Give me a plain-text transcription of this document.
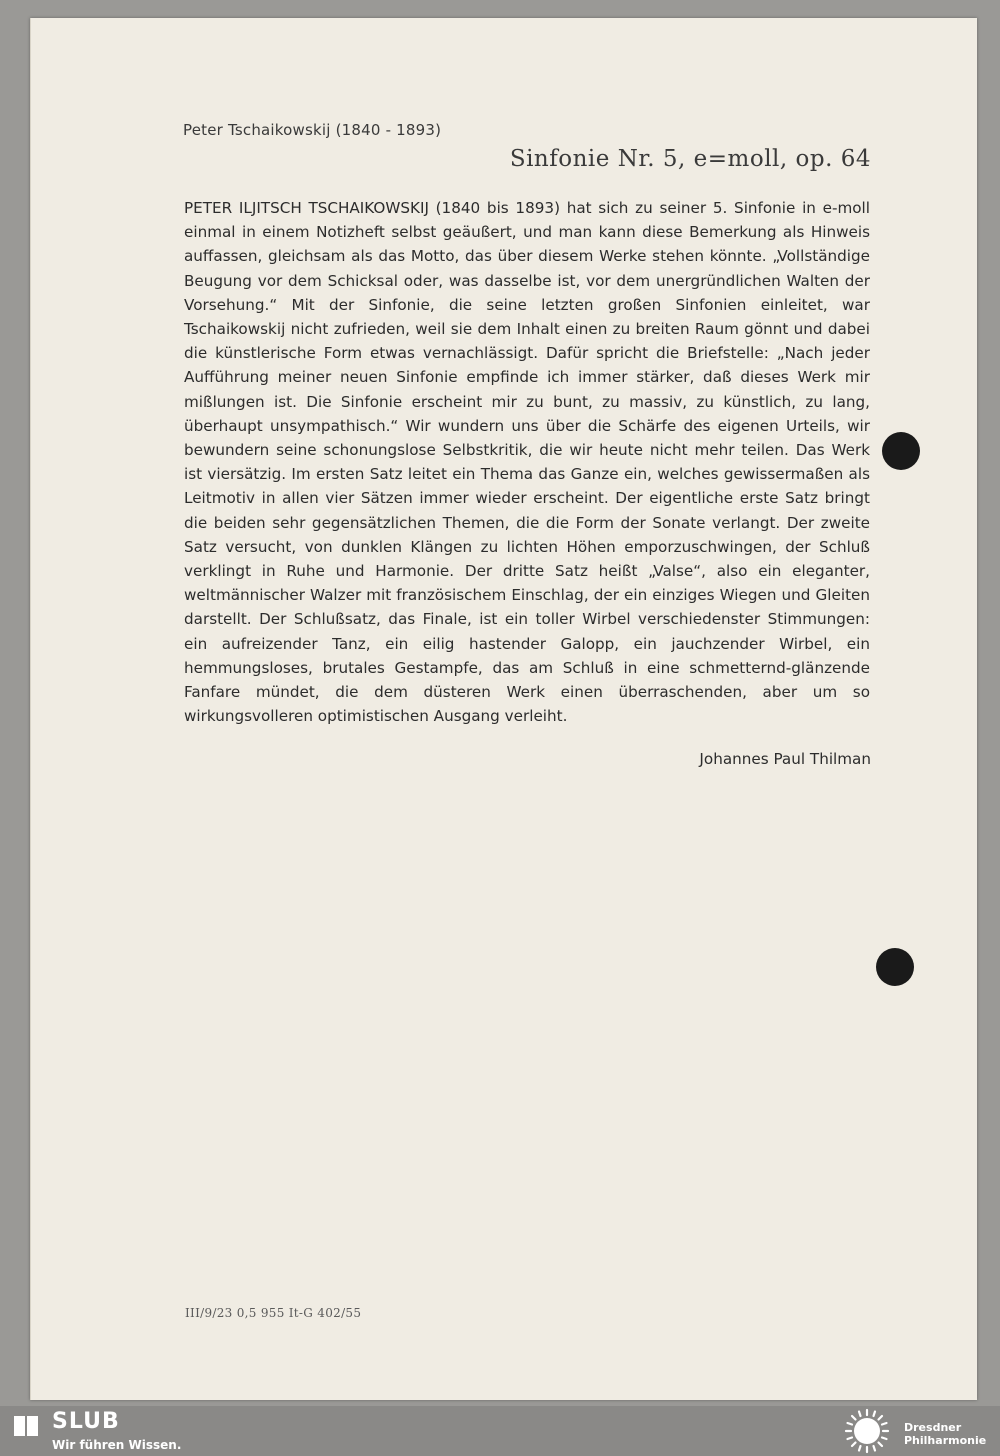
Peter Tschaikowskij (1840 - 1893)
Sinfonie Nr. 5, e=moll, op. 64

PETER ILJITSCH TSCHAIKOWSKIJ (1840 bis 1893) hat sich zu seiner 5. Sinfonie in e-moll einmal in einem Notizheft selbst geäußert, und man kann diese Bemerkung als Hinweis auffassen, gleichsam als das Motto, das über diesem Werke stehen könnte. „Vollständige Beugung vor dem Schicksal oder, was dasselbe ist, vor dem unergründlichen Walten der Vorsehung.“ Mit der Sinfonie, die seine letzten großen Sinfonien einleitet, war Tschaikowskij nicht zufrieden, weil sie dem Inhalt einen zu breiten Raum gönnt und dabei die künstlerische Form etwas vernachlässigt. Dafür spricht die Briefstelle: „Nach jeder Aufführung meiner neuen Sinfonie empfinde ich immer stärker, daß dieses Werk mir mißlungen ist. Die Sinfonie erscheint mir zu bunt, zu massiv, zu künstlich, zu lang, überhaupt unsympathisch.“ Wir wundern uns über die Schärfe des eigenen Urteils, wir bewundern seine schonungslose Selbstkritik, die wir heute nicht mehr teilen. Das Werk ist viersätzig. Im ersten Satz leitet ein Thema das Ganze ein, welches gewissermaßen als Leitmotiv in allen vier Sätzen immer wieder erscheint. Der eigentliche erste Satz bringt die beiden sehr gegensätzlichen Themen, die die Form der Sonate verlangt. Der zweite Satz versucht, von dunklen Klängen zu lichten Höhen emporzuschwingen, der Schluß verklingt in Ruhe und Harmonie. Der dritte Satz heißt „Valse“, also ein eleganter, weltmännischer Walzer mit französischem Einschlag, der ein einziges Wiegen und Gleiten darstellt. Der Schlußsatz, das Finale, ist ein toller Wirbel verschiedenster Stimmungen: ein aufreizender Tanz, ein eilig hastender Galopp, ein jauchzender Wirbel, ein hemmungsloses, brutales Gestampfe, das am Schluß in eine schmetternd-glänzende Fanfare mündet, die dem düsteren Werk einen überraschenden, aber um so wirkungsvolleren optimistischen Ausgang verleiht.

Johannes Paul Thilman
III/9/23 0,5 955 It-G 402/55
SLUB
Wir führen Wissen.
Dresdner Philharmonie
